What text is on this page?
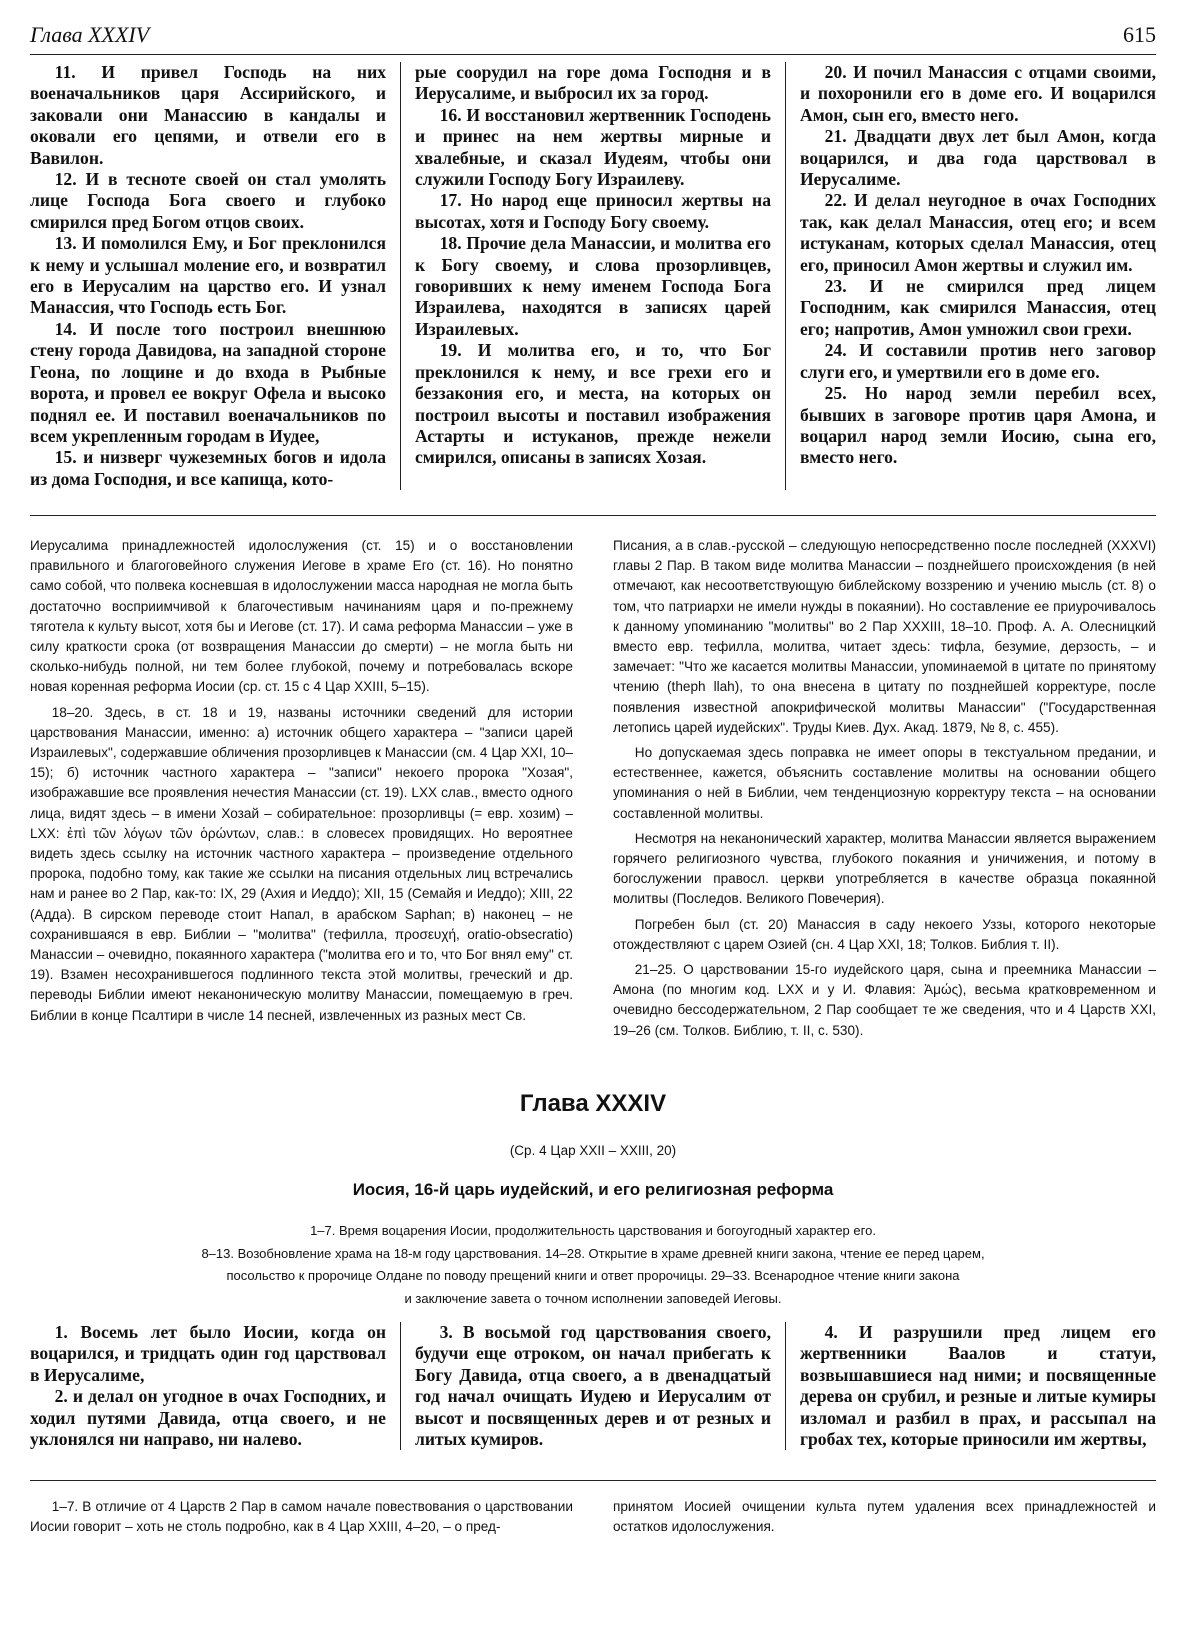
Глава XXXIV	615

11. И привел Господь на них военачальников царя Ассирийского, и заковали они Манассию в кандалы и оковали его цепями, и отвели его в Вавилон.

12. И в тесноте своей он стал умолять лице Господа Бога своего и глубоко смирился пред Богом отцов своих.

13. И помолился Ему, и Бог преклонился к нему и услышал моление его, и возвратил его в Иерусалим на царство его. И узнал Манассия, что Господь есть Бог.

14. И после того построил внешнюю стену города Давидова, на западной стороне Геона, по лощине и до входа в Рыбные ворота, и провел ее вокруг Офела и высоко поднял ее. И поставил военачальников по всем укрепленным городам в Иудее,

15. и низверг чужеземных богов и идола из дома Господня, и все капища, кото-

рые соорудил на горе дома Господня и в Иерусалиме, и выбросил их за город.

16. И восстановил жертвенник Господень и принес на нем жертвы мирные и хвалебные, и сказал Иудеям, чтобы они служили Господу Богу Израилеву.

17. Но народ еще приносил жертвы на высотах, хотя и Господу Богу своему.

18. Прочие дела Манассии, и молитва его к Богу своему, и слова прозорливцев, говоривших к нему именем Господа Бога Израилева, находятся в записях царей Израилевых.

19. И молитва его, и то, что Бог преклонился к нему, и все грехи его и беззакония его, и места, на которых он построил высоты и поставил изображения Астарты и истуканов, прежде нежели смирился, описаны в записях Хозая.

20. И почил Манассия с отцами своими, и похоронили его в доме его. И воцарился Амон, сын его, вместо него.

21. Двадцати двух лет был Амон, когда воцарился, и два года царствовал в Иерусалиме.

22. И делал неугодное в очах Господних так, как делал Манассия, отец его; и всем истуканам, которых сделал Манассия, отец его, приносил Амон жертвы и служил им.

23. И не смирился пред лицем Господним, как смирился Манассия, отец его; напротив, Амон умножил свои грехи.

24. И составили против него заговор слуги его, и умертвили его в доме его.

25. Но народ земли перебил всех, бывших в заговоре против царя Амона, и воцарил народ земли Иосию, сына его, вместо него.

Иерусалима принадлежностей идолослужения (ст. 15) и о восстановлении правильного и благоговейного служения Иегове в храме Его (ст. 16). Но понятно само собой, что полвека косневшая в идолослужении масса народная не могла быть достаточно восприимчивой к благочестивым начинаниям царя и по-прежнему тяготела к культу высот, хотя бы и Иегове (ст. 17). И сама реформа Манассии – уже в силу краткости срока (от возвращения Манассии до смерти) – не могла быть ни сколько-нибудь полной, ни тем более глубокой, почему и потребовалась вскоре новая коренная реформа Иосии (ср. ст. 15 с 4 Цар XXIII, 5–15).

18–20. Здесь, в ст. 18 и 19, названы источники сведений для истории царствования Манассии, именно: а) источник общего характера – "записи царей Израилевых", содержавшие обличения прозорливцев к Манассии (см. 4 Цар XXI, 10–15); б) источник частного характера – "записи" некоего пророка "Хозая", изображавшие все проявления нечестия Манассии (ст. 19). LXX слав., вместо одного лица, видят здесь – в имени Хозай – собирательное: прозорливцы (= евр. хозим) – LXX: ἐπὶ τῶν λόγων τῶν ὁρώντων, слав.: в словесех провидящих. Но вероятнее видеть здесь ссылку на источник частного характера – произведение отдельного пророка, подобно тому, как такие же ссылки на писания отдельных лиц встречались нам и ранее во 2 Пар, как-то: IX, 29 (Ахия и Иеддо); XII, 15 (Семайя и Иеддо); XIII, 22 (Адда). В сирском переводе стоит Напал, в арабском Saphan; в) наконец – не сохранившаяся в евр. Библии – "молитва" (тефилла, προσευχή, oratio-obsecratio) Манассии – очевидно, покаянного характера ("молитва его и то, что Бог внял ему" ст. 19). Взамен несохранившегося подлинного текста этой молитвы, греческий и др. переводы Библии имеют неканоническую молитву Манассии, помещаемую в греч. Библии в конце Псалтири в числе 14 песней, извлеченных из разных мест Св.

Писания, а в слав.-русской – следующую непосредственно после последней (XXXVI) главы 2 Пар. В таком виде молитва Манассии – позднейшего происхождения (в ней отмечают, как несоответствующую библейскому воззрению и учению мысль (ст. 8) о том, что патриархи не имели нужды в покаянии). Но составление ее приурочивалось к данному упоминанию "молитвы" во 2 Пар XXXIII, 18–10. Проф. А. А. Олесницкий вместо евр. тефилла, молитва, читает здесь: тифла, безумие, дерзость, – и замечает: "Что же касается молитвы Манассии, упоминаемой в цитате по принятому чтению (theph llah), то она внесена в цитату по позднейшей корректуре, после появления известной апокрифической молитвы Манассии" ("Государственная летопись царей иудейских". Труды Киев. Дух. Акад. 1879, № 8, с. 455).

Но допускаемая здесь поправка не имеет опоры в текстуальном предании, и естественнее, кажется, объяснить составление молитвы на основании общего упоминания о ней в Библии, чем тенденциозную корректуру текста – на основании составленной молитвы.

Несмотря на неканонический характер, молитва Манассии является выражением горячего религиозного чувства, глубокого покаяния и уничижения, и потому в богослужении правосл. церкви употребляется в качестве образца покаянной молитвы (Последов. Великого Повечерия).

Погребен был (ст. 20) Манассия в саду некоего Уззы, которого некоторые отождествляют с царем Озией (сн. 4 Цар XXI, 18; Толков. Библия т. II).

21–25. О царствовании 15-го иудейского царя, сына и преемника Манассии – Амона (по многим код. LXX и у И. Флавия: Ἀμώς), весьма кратковременном и очевидно бессодержательном, 2 Пар сообщает те же сведения, что и 4 Царств XXI, 19–26 (см. Толков. Библию, т. II, с. 530).

Глава XXXIV
(Ср. 4 Цар XXII – XXIII, 20)
Иосия, 16-й царь иудейский, и его религиозная реформа
1–7. Время воцарения Иосии, продолжительность царствования и богоугодный характер его.
8–13. Возобновление храма на 18-м году царствования. 14–28. Открытие в храме древней книги закона, чтение ее перед царем,
посольство к пророчице Олдане по поводу прещений книги и ответ пророчицы. 29–33. Всенародное чтение книги закона
и заключение завета о точном исполнении заповедей Иеговы.

1. Восемь лет было Иосии, когда он воцарился, и тридцать один год царствовал в Иерусалиме,

2. и делал он угодное в очах Господних, и ходил путями Давида, отца своего, и не уклонялся ни направо, ни налево.

3. В восьмой год царствования своего, будучи еще отроком, он начал прибегать к Богу Давида, отца своего, а в двенадцатый год начал очищать Иудею и Иерусалим от высот и посвященных дерев и от резных и литых кумиров.

4. И разрушили пред лицем его жертвенники Ваалов и статуи, возвышавшиеся над ними; и посвященные дерева он срубил, и резные и литые кумиры изломал и разбил в прах, и рассыпал на гробах тех, которые приносили им жертвы,

1–7. В отличие от 4 Царств 2 Пар в самом начале повествования о царствовании Иосии говорит – хоть не столь подробно, как в 4 Цар XXIII, 4–20, – о пред-

принятом Иосией очищении культа путем удаления всех принадлежностей и остатков идолослужения.
